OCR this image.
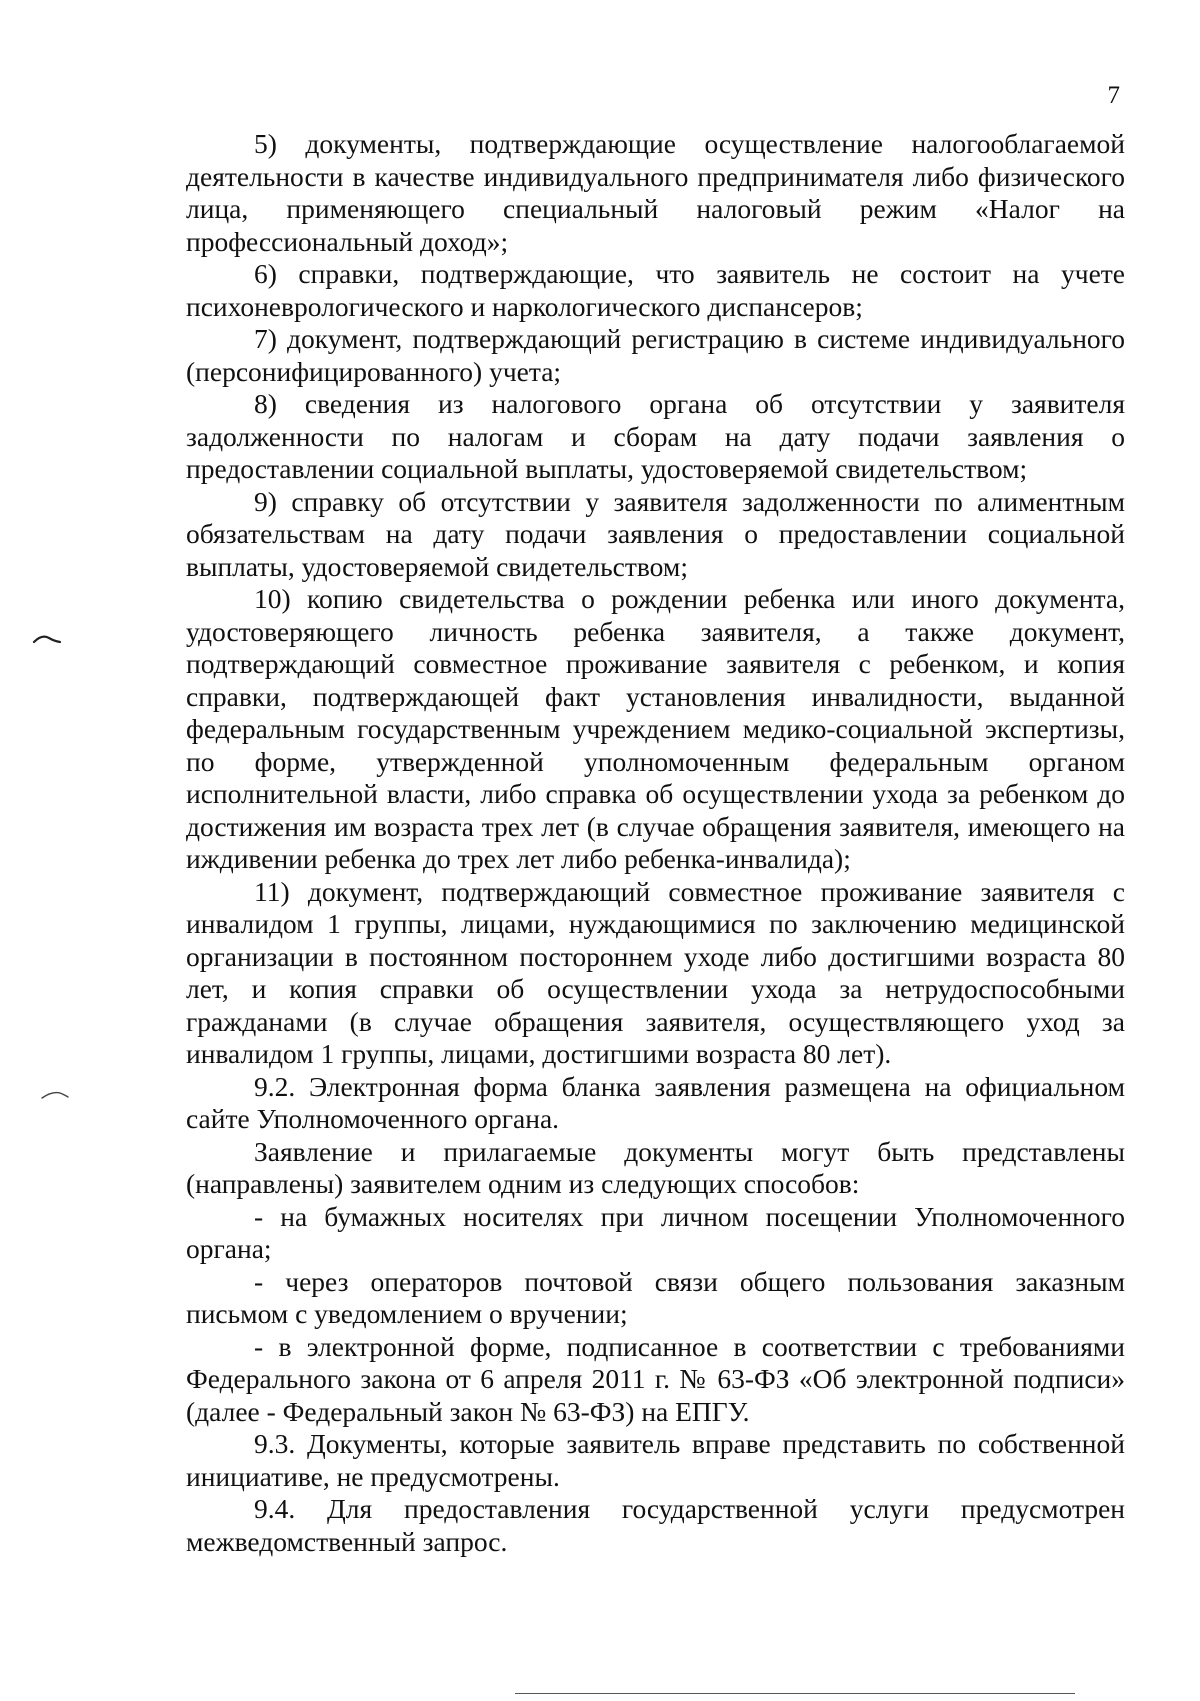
7

5) документы, подтверждающие осуществление налогооблагаемой деятельности в качестве индивидуального предпринимателя либо физического лица, применяющего специальный налоговый режим «Налог на профессиональный доход»;

6) справки, подтверждающие, что заявитель не состоит на учете психоневрологического и наркологического диспансеров;

7) документ, подтверждающий регистрацию в системе индивидуального (персонифицированного) учета;

8) сведения из налогового органа об отсутствии у заявителя задолженности по налогам и сборам на дату подачи заявления о предоставлении социальной выплаты, удостоверяемой свидетельством;

9) справку об отсутствии у заявителя задолженности по алиментным обязательствам на дату подачи заявления о предоставлении социальной выплаты, удостоверяемой свидетельством;

10) копию свидетельства о рождении ребенка или иного документа, удостоверяющего личность ребенка заявителя, а также документ, подтверждающий совместное проживание заявителя с ребенком, и копия справки, подтверждающей факт установления инвалидности, выданной федеральным государственным учреждением медико-социальной экспертизы, по форме, утвержденной уполномоченным федеральным органом исполнительной власти, либо справка об осуществлении ухода за ребенком до достижения им возраста трех лет (в случае обращения заявителя, имеющего на иждивении ребенка до трех лет либо ребенка-инвалида);

11) документ, подтверждающий совместное проживание заявителя с инвалидом 1 группы, лицами, нуждающимися по заключению медицинской организации в постоянном постороннем уходе либо достигшими возраста 80 лет, и копия справки об осуществлении ухода за нетрудоспособными гражданами (в случае обращения заявителя, осуществляющего уход за инвалидом 1 группы, лицами, достигшими возраста 80 лет).

9.2. Электронная форма бланка заявления размещена на официальном сайте Уполномоченного органа.

Заявление и прилагаемые документы могут быть представлены (направлены) заявителем одним из следующих способов:

- на бумажных носителях при личном посещении Уполномоченного органа;

- через операторов почтовой связи общего пользования заказным письмом с уведомлением о вручении;

- в электронной форме, подписанное в соответствии с требованиями Федерального закона от 6 апреля 2011 г. № 63-ФЗ «Об электронной подписи» (далее - Федеральный закон № 63-ФЗ) на ЕПГУ.

9.3. Документы, которые заявитель вправе представить по собственной инициативе, не предусмотрены.

9.4. Для предоставления государственной услуги предусмотрен межведомственный запрос.
